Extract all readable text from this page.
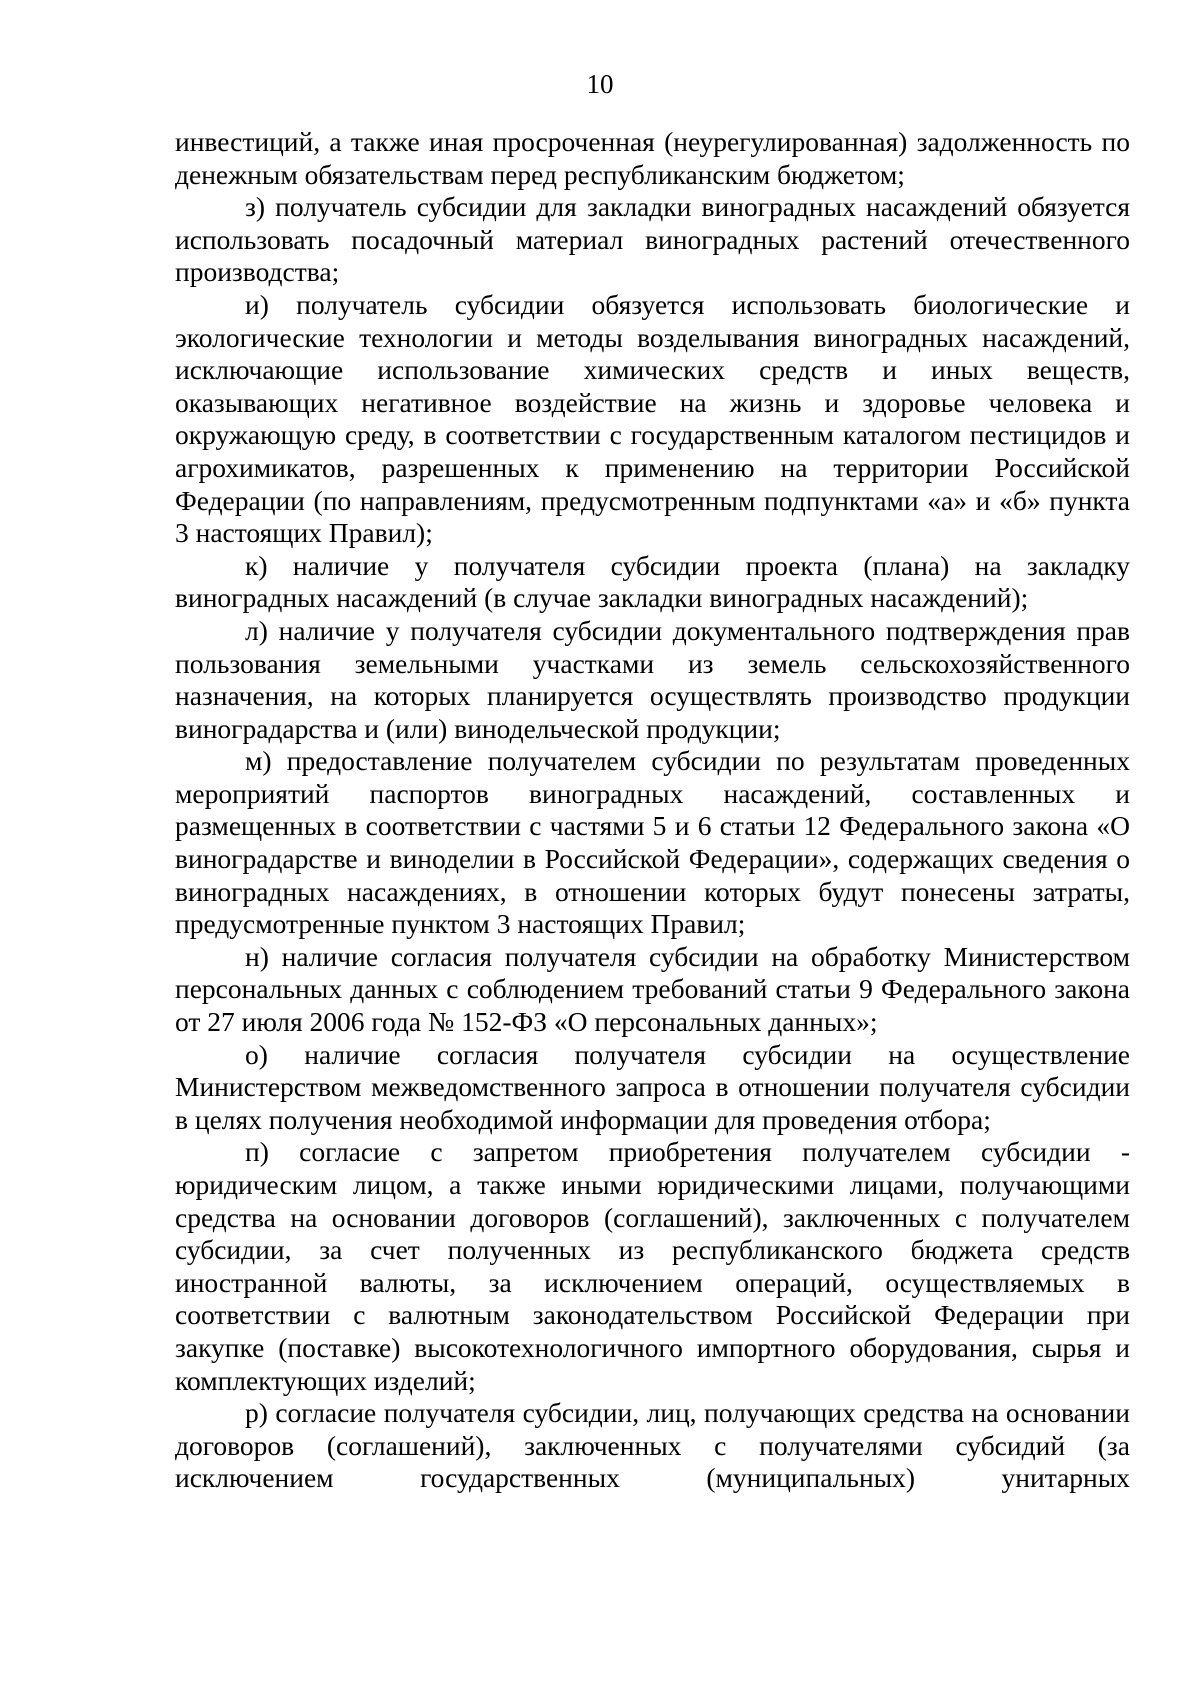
10

инвестиций, а также иная просроченная (неурегулированная) задолженность по денежным обязательствам перед республиканским бюджетом;

з) получатель субсидии для закладки виноградных насаждений обязуется использовать посадочный материал виноградных растений отечественного производства;

и) получатель субсидии обязуется использовать биологические и экологические технологии и методы возделывания виноградных насаждений, исключающие использование химических средств и иных веществ, оказывающих негативное воздействие на жизнь и здоровье человека и окружающую среду, в соответствии с государственным каталогом пестицидов и агрохимикатов, разрешенных к применению на территории Российской Федерации (по направлениям, предусмотренным подпунктами «а» и «б» пункта 3 настоящих Правил);

к) наличие у получателя субсидии проекта (плана) на закладку виноградных насаждений (в случае закладки виноградных насаждений);

л) наличие у получателя субсидии документального подтверждения прав пользования земельными участками из земель сельскохозяйственного назначения, на которых планируется осуществлять производство продукции виноградарства и (или) винодельческой продукции;

м) предоставление получателем субсидии по результатам проведенных мероприятий паспортов виноградных насаждений, составленных и размещенных в соответствии с частями 5 и 6 статьи 12 Федерального закона «О виноградарстве и виноделии в Российской Федерации», содержащих сведения о виноградных насаждениях, в отношении которых будут понесены затраты, предусмотренные пунктом 3 настоящих Правил;

н) наличие согласия получателя субсидии на обработку Министерством персональных данных с соблюдением требований статьи 9 Федерального закона от 27 июля 2006 года № 152-ФЗ «О персональных данных»;

о) наличие согласия получателя субсидии на осуществление Министерством межведомственного запроса в отношении получателя субсидии в целях получения необходимой информации для проведения отбора;

п) согласие с запретом приобретения получателем субсидии - юридическим лицом, а также иными юридическими лицами, получающими средства на основании договоров (соглашений), заключенных с получателем субсидии, за счет полученных из республиканского бюджета средств иностранной валюты, за исключением операций, осуществляемых в соответствии с валютным законодательством Российской Федерации при закупке (поставке) высокотехнологичного импортного оборудования, сырья и комплектующих изделий;

р) согласие получателя субсидии, лиц, получающих средства на основании договоров (соглашений), заключенных с получателями субсидий (за исключением государственных (муниципальных) унитарных
